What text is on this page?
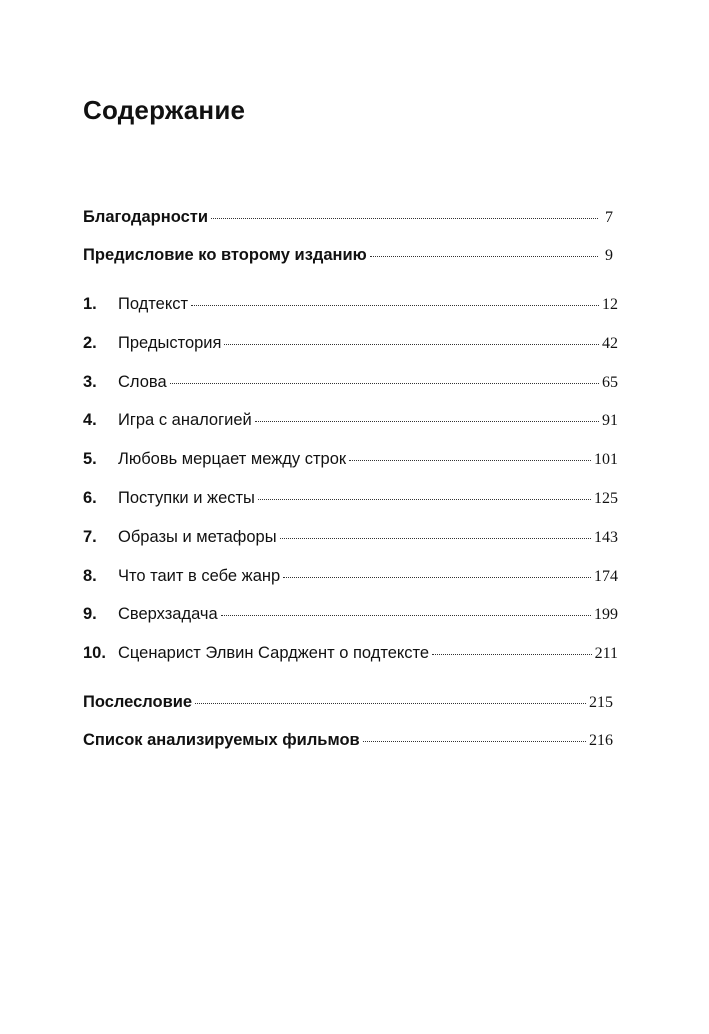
Содержание
Благодарности	7
Предисловие ко второму изданию	9
1.	Подтекст	12
2.	Предыстория	42
3.	Слова	65
4.	Игра с аналогией	91
5.	Любовь мерцает между строк	101
6.	Поступки и жесты	125
7.	Образы и метафоры	143
8.	Что таит в себе жанр	174
9.	Сверхзадача	199
10. Сценарист Элвин Сарджент о подтексте	211
Послесловие	215
Список анализируемых фильмов	216
